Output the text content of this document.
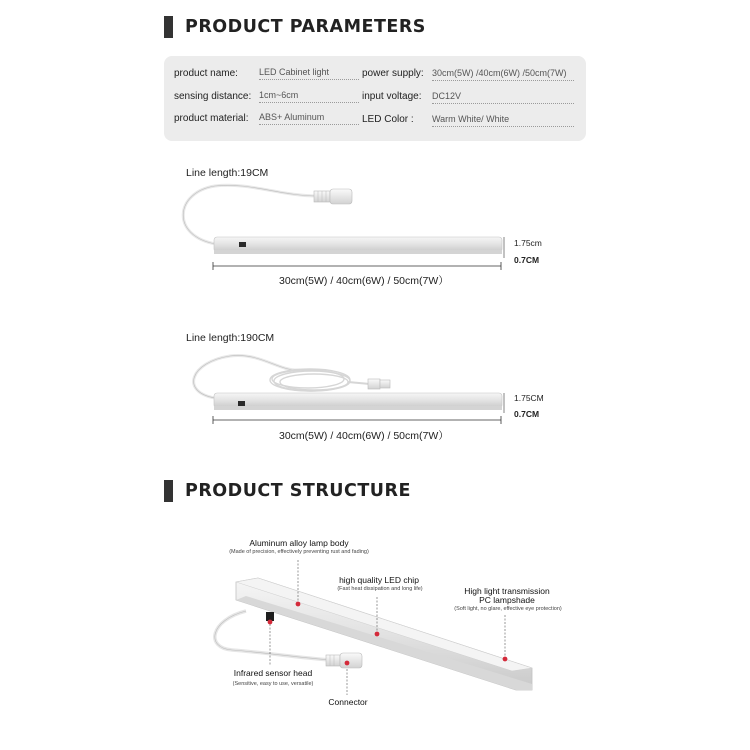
PRODUCT PARAMETERS
product name: LED Cabinet light
sensing distance: 1cm~6cm
product material: ABS+ Aluminum
power supply: 30cm(5W) /40cm(6W) /50cm(7W)
input voltage: DC12V
LED Color : Warm White/ White
Line length:19CM
1.75cm
0.7CM
30cm(5W) / 40cm(6W) / 50cm(7W）
Line length:190CM
1.75CM
0.7CM
30cm(5W) / 40cm(6W) / 50cm(7W）
PRODUCT STRUCTURE
Aluminum alloy lamp body
(Made of precision, effectively preventing rust and fading)
high quality LED chip
(Fast heat dissipation and long life)	High light transmission
PC lampshade
(Soft light, no glare, effective eye protection)
Infrared sensor head
(Sensitive, easy to use, versatile)
Connector
